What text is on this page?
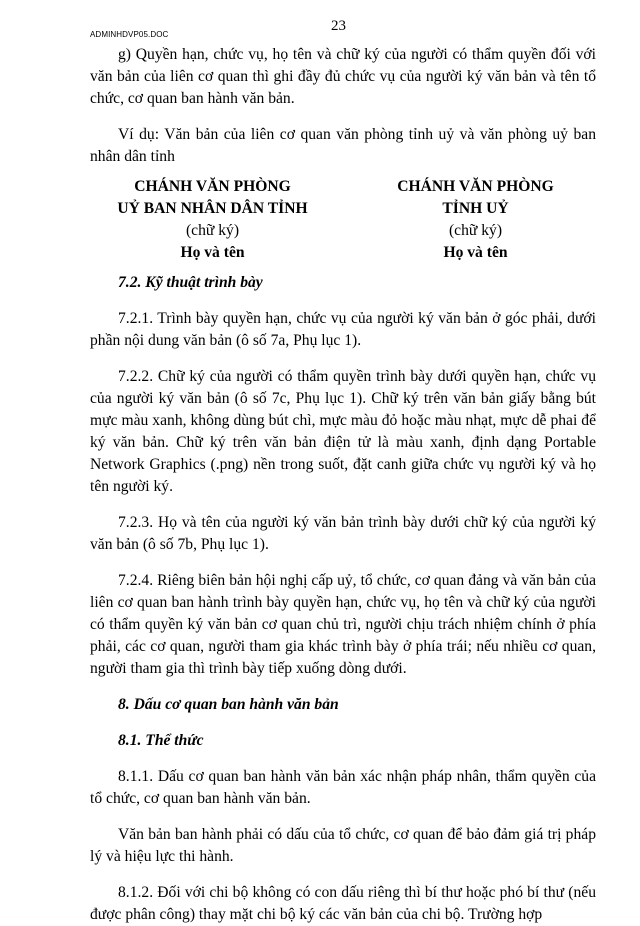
ADMINHDVP05.DOC
23

g) Quyền hạn, chức vụ, họ tên và chữ ký của người có thẩm quyền đối với văn bản của liên cơ quan thì ghi đầy đủ chức vụ của người ký văn bản và tên tổ chức, cơ quan ban hành văn bản.

Ví dụ: Văn bản của liên cơ quan văn phòng tỉnh uỷ và văn phòng uỷ ban nhân dân tỉnh

CHÁNH VĂN PHÒNG
UỶ BAN NHÂN DÂN TỈNH
(chữ ký)
Họ và tên
CHÁNH VĂN PHÒNG
TỈNH UỶ
(chữ ký)
Họ và tên

7.2. Kỹ thuật trình bày

7.2.1. Trình bày quyền hạn, chức vụ của người ký văn bản ở góc phải, dưới phần nội dung văn bản (ô số 7a, Phụ lục 1).

7.2.2. Chữ ký của người có thẩm quyền trình bày dưới quyền hạn, chức vụ của người ký văn bản (ô số 7c, Phụ lục 1). Chữ ký trên văn bản giấy bằng bút mực màu xanh, không dùng bút chì, mực màu đỏ hoặc màu nhạt, mực dễ phai để ký văn bản. Chữ ký trên văn bản điện tử là màu xanh, định dạng Portable Network Graphics (.png) nền trong suốt, đặt canh giữa chức vụ người ký và họ tên người ký.

7.2.3. Họ và tên của người ký văn bản trình bày dưới chữ ký của người ký văn bản (ô số 7b, Phụ lục 1).

7.2.4. Riêng biên bản hội nghị cấp uỷ, tổ chức, cơ quan đảng và văn bản của liên cơ quan ban hành trình bày quyền hạn, chức vụ, họ tên và chữ ký của người có thẩm quyền ký văn bản cơ quan chủ trì, người chịu trách nhiệm chính ở phía phải, các cơ quan, người tham gia khác trình bày ở phía trái; nếu nhiều cơ quan, người tham gia thì trình bày tiếp xuống dòng dưới.

8. Dấu cơ quan ban hành văn bản

8.1. Thể thức

8.1.1. Dấu cơ quan ban hành văn bản xác nhận pháp nhân, thẩm quyền của tổ chức, cơ quan ban hành văn bản.

Văn bản ban hành phải có dấu của tổ chức, cơ quan để bảo đảm giá trị pháp lý và hiệu lực thi hành.

8.1.2. Đối với chi bộ không có con dấu riêng thì bí thư hoặc phó bí thư (nếu được phân công) thay mặt chi bộ ký các văn bản của chi bộ. Trường hợp
